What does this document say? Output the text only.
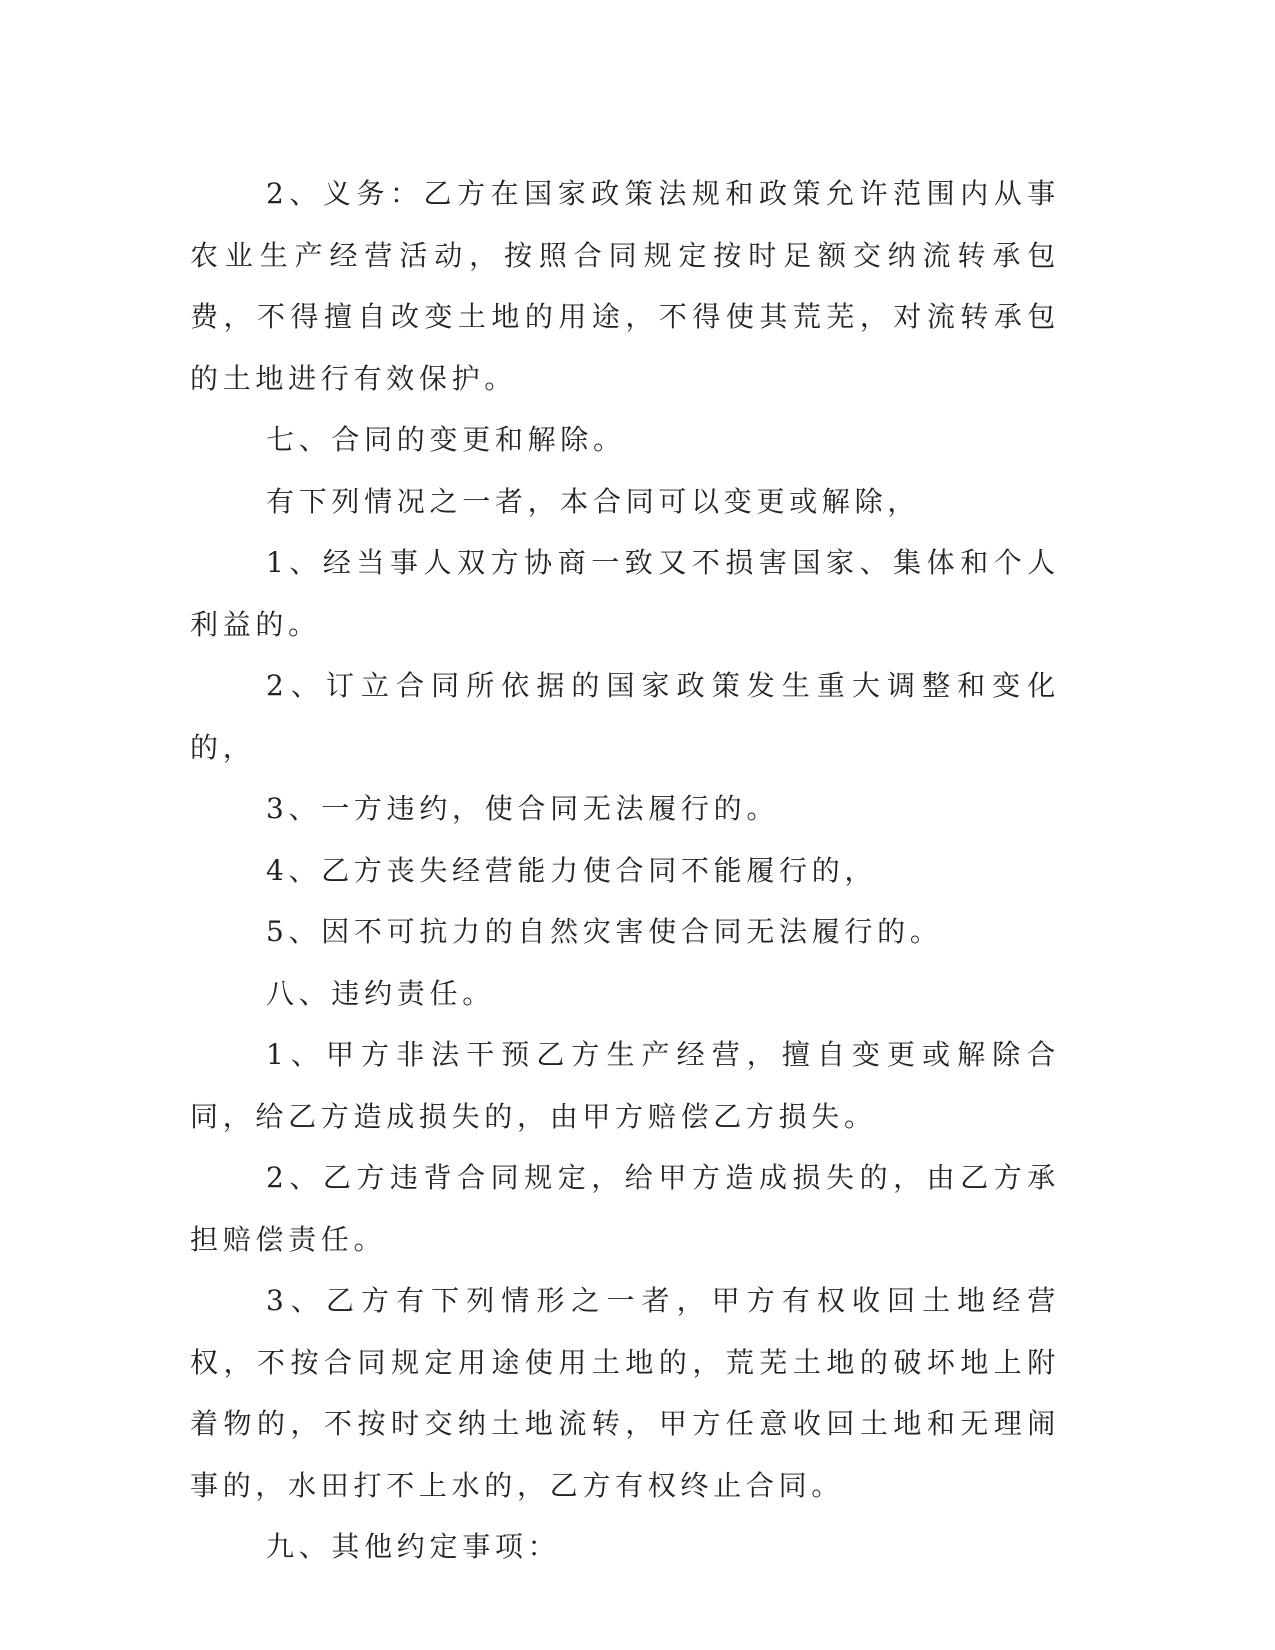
2、义务：乙方在国家政策法规和政策允许范围内从事农业生产经营活动，按照合同规定按时足额交纳流转承包费，不得擅自改变土地的用途，不得使其荒芜，对流转承包的土地进行有效保护。

七、合同的变更和解除。

有下列情况之一者，本合同可以变更或解除，

1、经当事人双方协商一致又不损害国家、集体和个人利益的。

2、订立合同所依据的国家政策发生重大调整和变化的，

3、一方违约，使合同无法履行的。

4、乙方丧失经营能力使合同不能履行的，

5、因不可抗力的自然灾害使合同无法履行的。

八、违约责任。

1、甲方非法干预乙方生产经营，擅自变更或解除合同，给乙方造成损失的，由甲方赔偿乙方损失。

2、乙方违背合同规定，给甲方造成损失的，由乙方承担赔偿责任。

3、乙方有下列情形之一者，甲方有权收回土地经营权，不按合同规定用途使用土地的，荒芜土地的破坏地上附着物的，不按时交纳土地流转，甲方任意收回土地和无理闹事的，水田打不上水的，乙方有权终止合同。

九、其他约定事项：
